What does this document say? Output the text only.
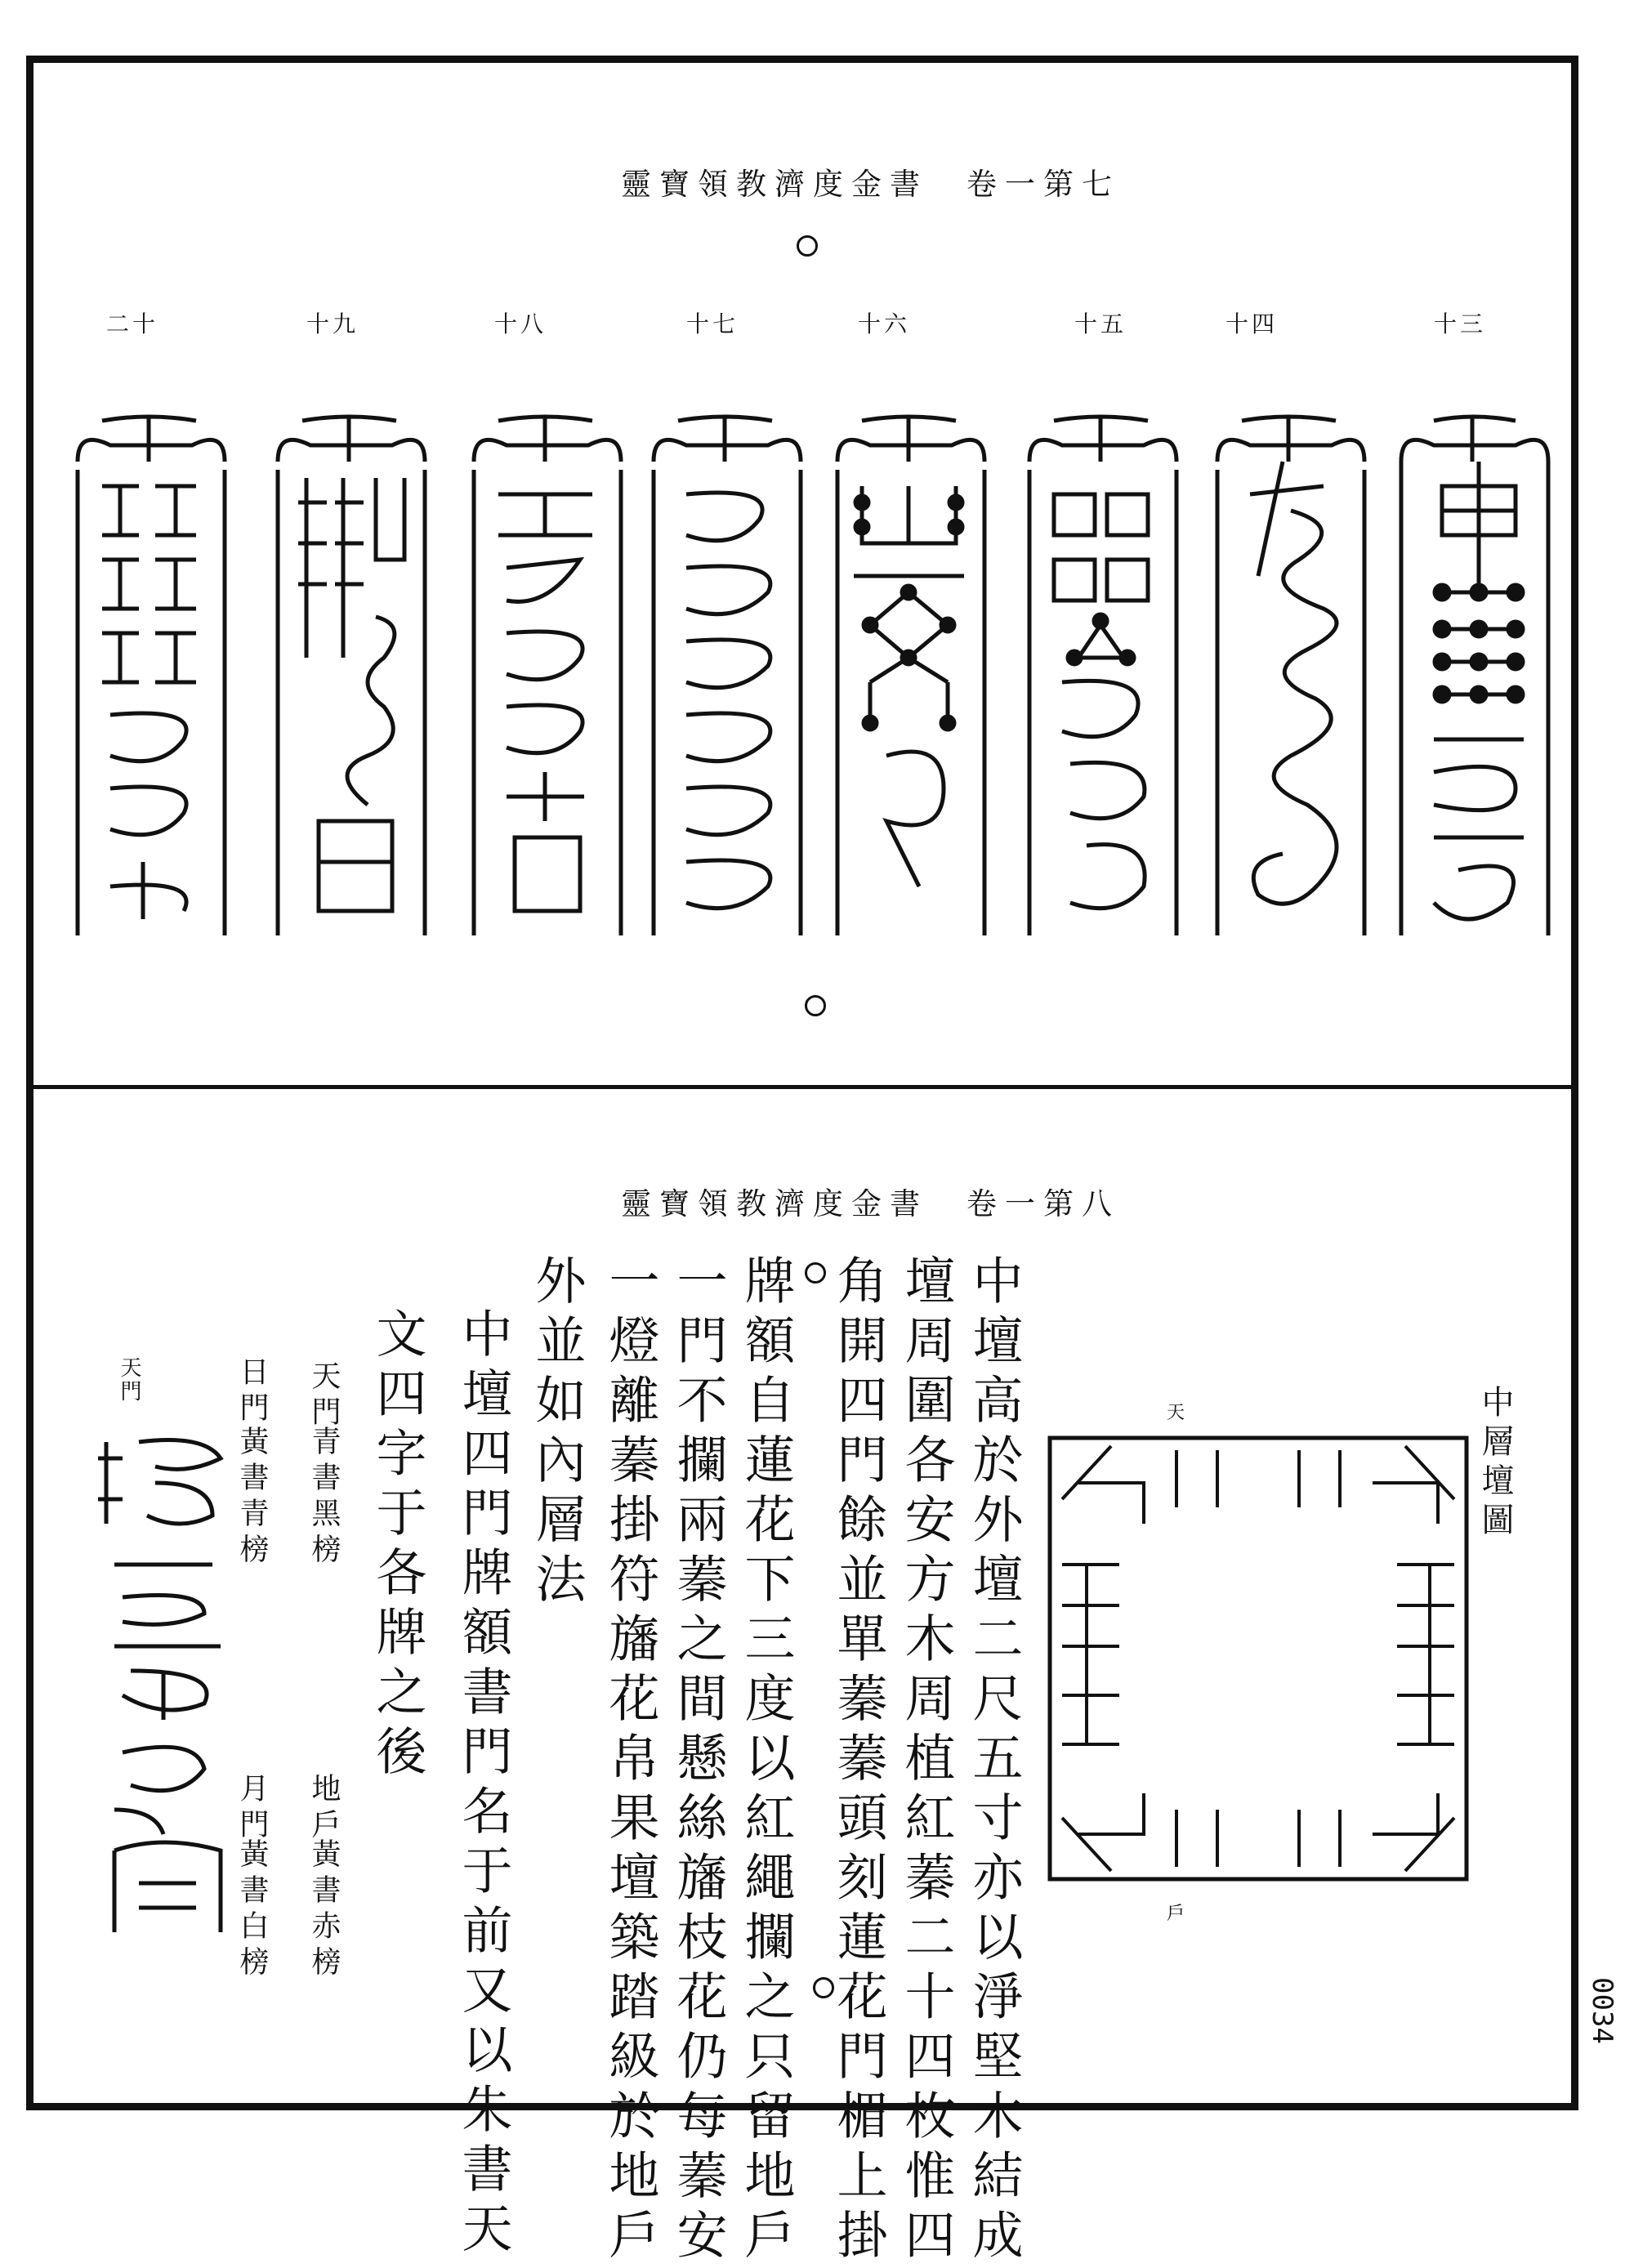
靈寶領教濟度金書　卷一第七
十三
十四
十五
十六
十七
十八
十九
二十
靈寶領教濟度金書　卷一第八
中壇高於外壇二尺五寸亦以淨堅木結成
壇周圍各安方木周植紅蓁二十四枚惟四
角開四門餘並單蓁蓁頭刻蓮花門楣上掛
牌額自蓮花下三度以紅繩攔之只留地戶
一門不攔兩蓁之間懸絲旛枝花仍每蓁安
一燈離蓁掛符旛花帛果壇築踏級於地戶
外並如內層法
中壇四門牌額書門名于前又以朱書天
文四字于各牌之後
天門
青書黑榜
地戶
黃書赤榜
日門
黃書青榜
月門
黃書白榜
天門
中層壇圖
天
戶
0034
